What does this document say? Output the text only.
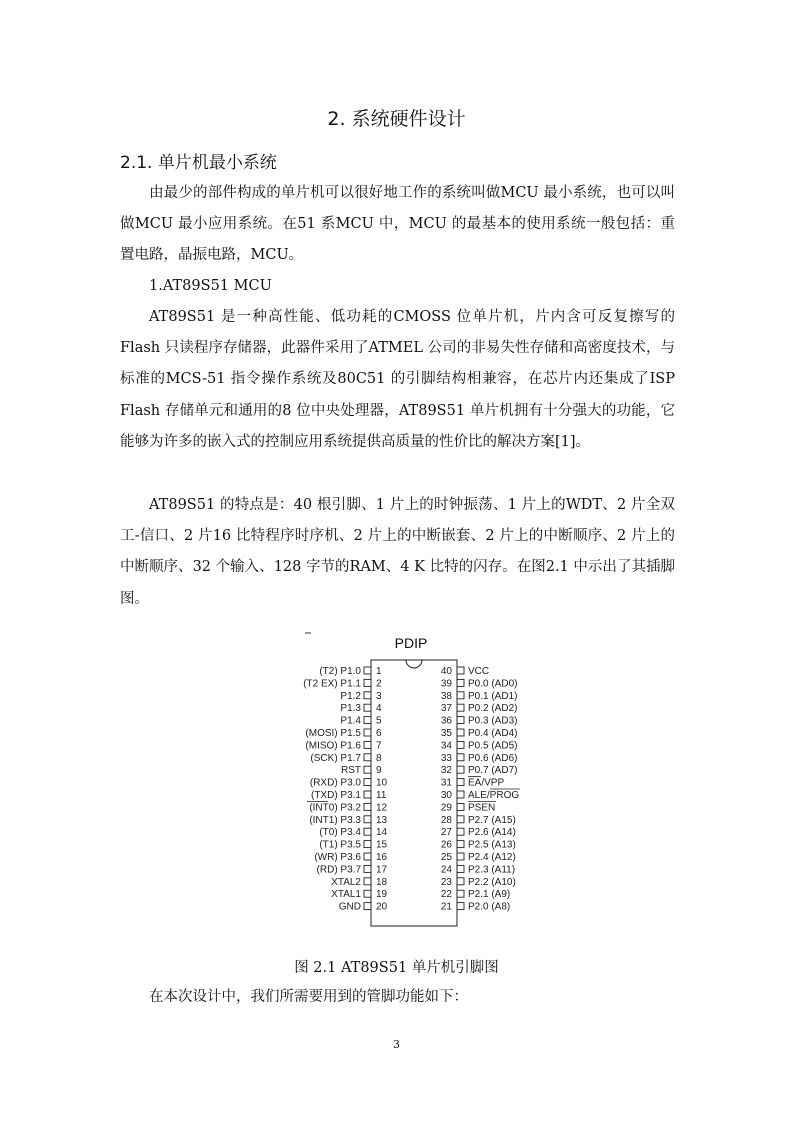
2. 系统硬件设计
2.1. 单片机最小系统

由最少的部件构成的单片机可以很好地工作的系统叫做MCU 最小系统，也可以叫做MCU 最小应用系统。在51 系MCU 中，MCU 的最基本的使用系统一般包括：重置电路，晶振电路，MCU。

1.AT89S51 MCU

AT89S51 是一种高性能、低功耗的CMOSS 位单片机，片内含可反复擦写的Flash 只读程序存储器，此器件采用了ATMEL 公司的非易失性存储和高密度技术，与标准的MCS-51 指令操作系统及80C51 的引脚结构相兼容，在芯片内还集成了ISP Flash 存储单元和通用的8 位中央处理器，AT89S51 单片机拥有十分强大的功能，它能够为许多的嵌入式的控制应用系统提供高质量的性价比的解决方案[1]。

AT89S51 的特点是：40 根引脚、1 片上的时钟振荡、1 片上的WDT、2 片全双工-信口、2 片16 比特程序时序机、2 片上的中断嵌套、2 片上的中断顺序、2 片上的中断顺序、32 个输入、128 字节的RAM、4 K 比特的闪存。在图2.1 中示出了其插脚图。

PDIP
(T2) P1.0 1
(T2 EX) P1.1 2
P1.2 3
P1.3 4
P1.4 5
(MOSI) P1.5 6
(MISO) P1.6 7
(SCK) P1.7 8
RST 9
(RXD) P3.0 10
(TXD) P3.1 11
(INT0) P3.2 12
(INT1) P3.3 13
(T0) P3.4 14
(T1) P3.5 15
(WR) P3.6 16
(RD) P3.7 17
XTAL2 18
XTAL1 19
GND 20
40 VCC
39 P0.0 (AD0)
38 P0.1 (AD1)
37 P0.2 (AD2)
36 P0.3 (AD3)
35 P0.4 (AD4)
34 P0.5 (AD5)
33 P0.6 (AD6)
32 P0.7 (AD7)
31 EA/VPP
30 ALE/PROG
29 PSEN
28 P2.7 (A15)
27 P2.6 (A14)
26 P2.5 (A13)
25 P2.4 (A12)
24 P2.3 (A11)
23 P2.2 (A10)
22 P2.1 (A9)
21 P2.0 (A8)
图 2.1 AT89S51 单片机引脚图

在本次设计中，我们所需要用到的管脚功能如下：

3
